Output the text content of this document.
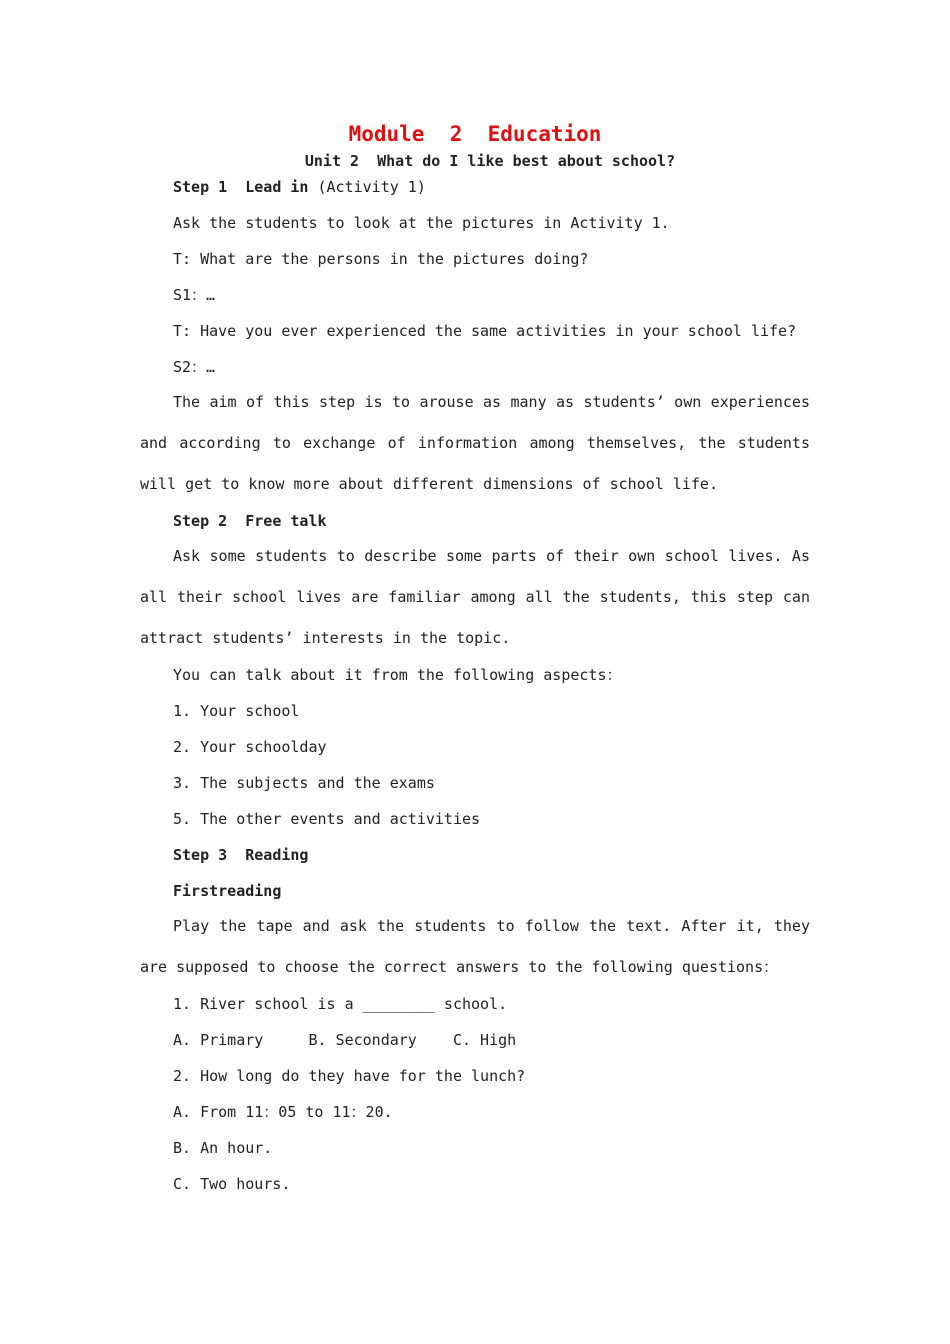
Module  2  Education
Unit 2  What do I like best about school?
Step 1  Lead in (Activity 1)
Ask the students to look at the pictures in Activity 1.
T: What are the persons in the pictures doing?
S1：…
T: Have you ever experienced the same activities in your school life?
S2：…
The aim of this step is to arouse as many as students’ own experiences and according to exchange of information among themselves, the students will get to know more about different dimensions of school life.
Step 2  Free talk
Ask some students to describe some parts of their own school lives. As all their school lives are familiar among all the students, this step can attract students’ interests in the topic.
You can talk about it from the following aspects：
1. Your school
2. Your schoolday
3. The subjects and the exams
5. The other events and activities
Step 3  Reading
Firstreading
Play the tape and ask the students to follow the text. After it, they are supposed to choose the correct answers to the following questions：
1. River school is a ________ school.
A. Primary     B. Secondary    C. High
2. How long do they have for the lunch?
A. From 11：05 to 11：20.
B. An hour.
C. Two hours.
